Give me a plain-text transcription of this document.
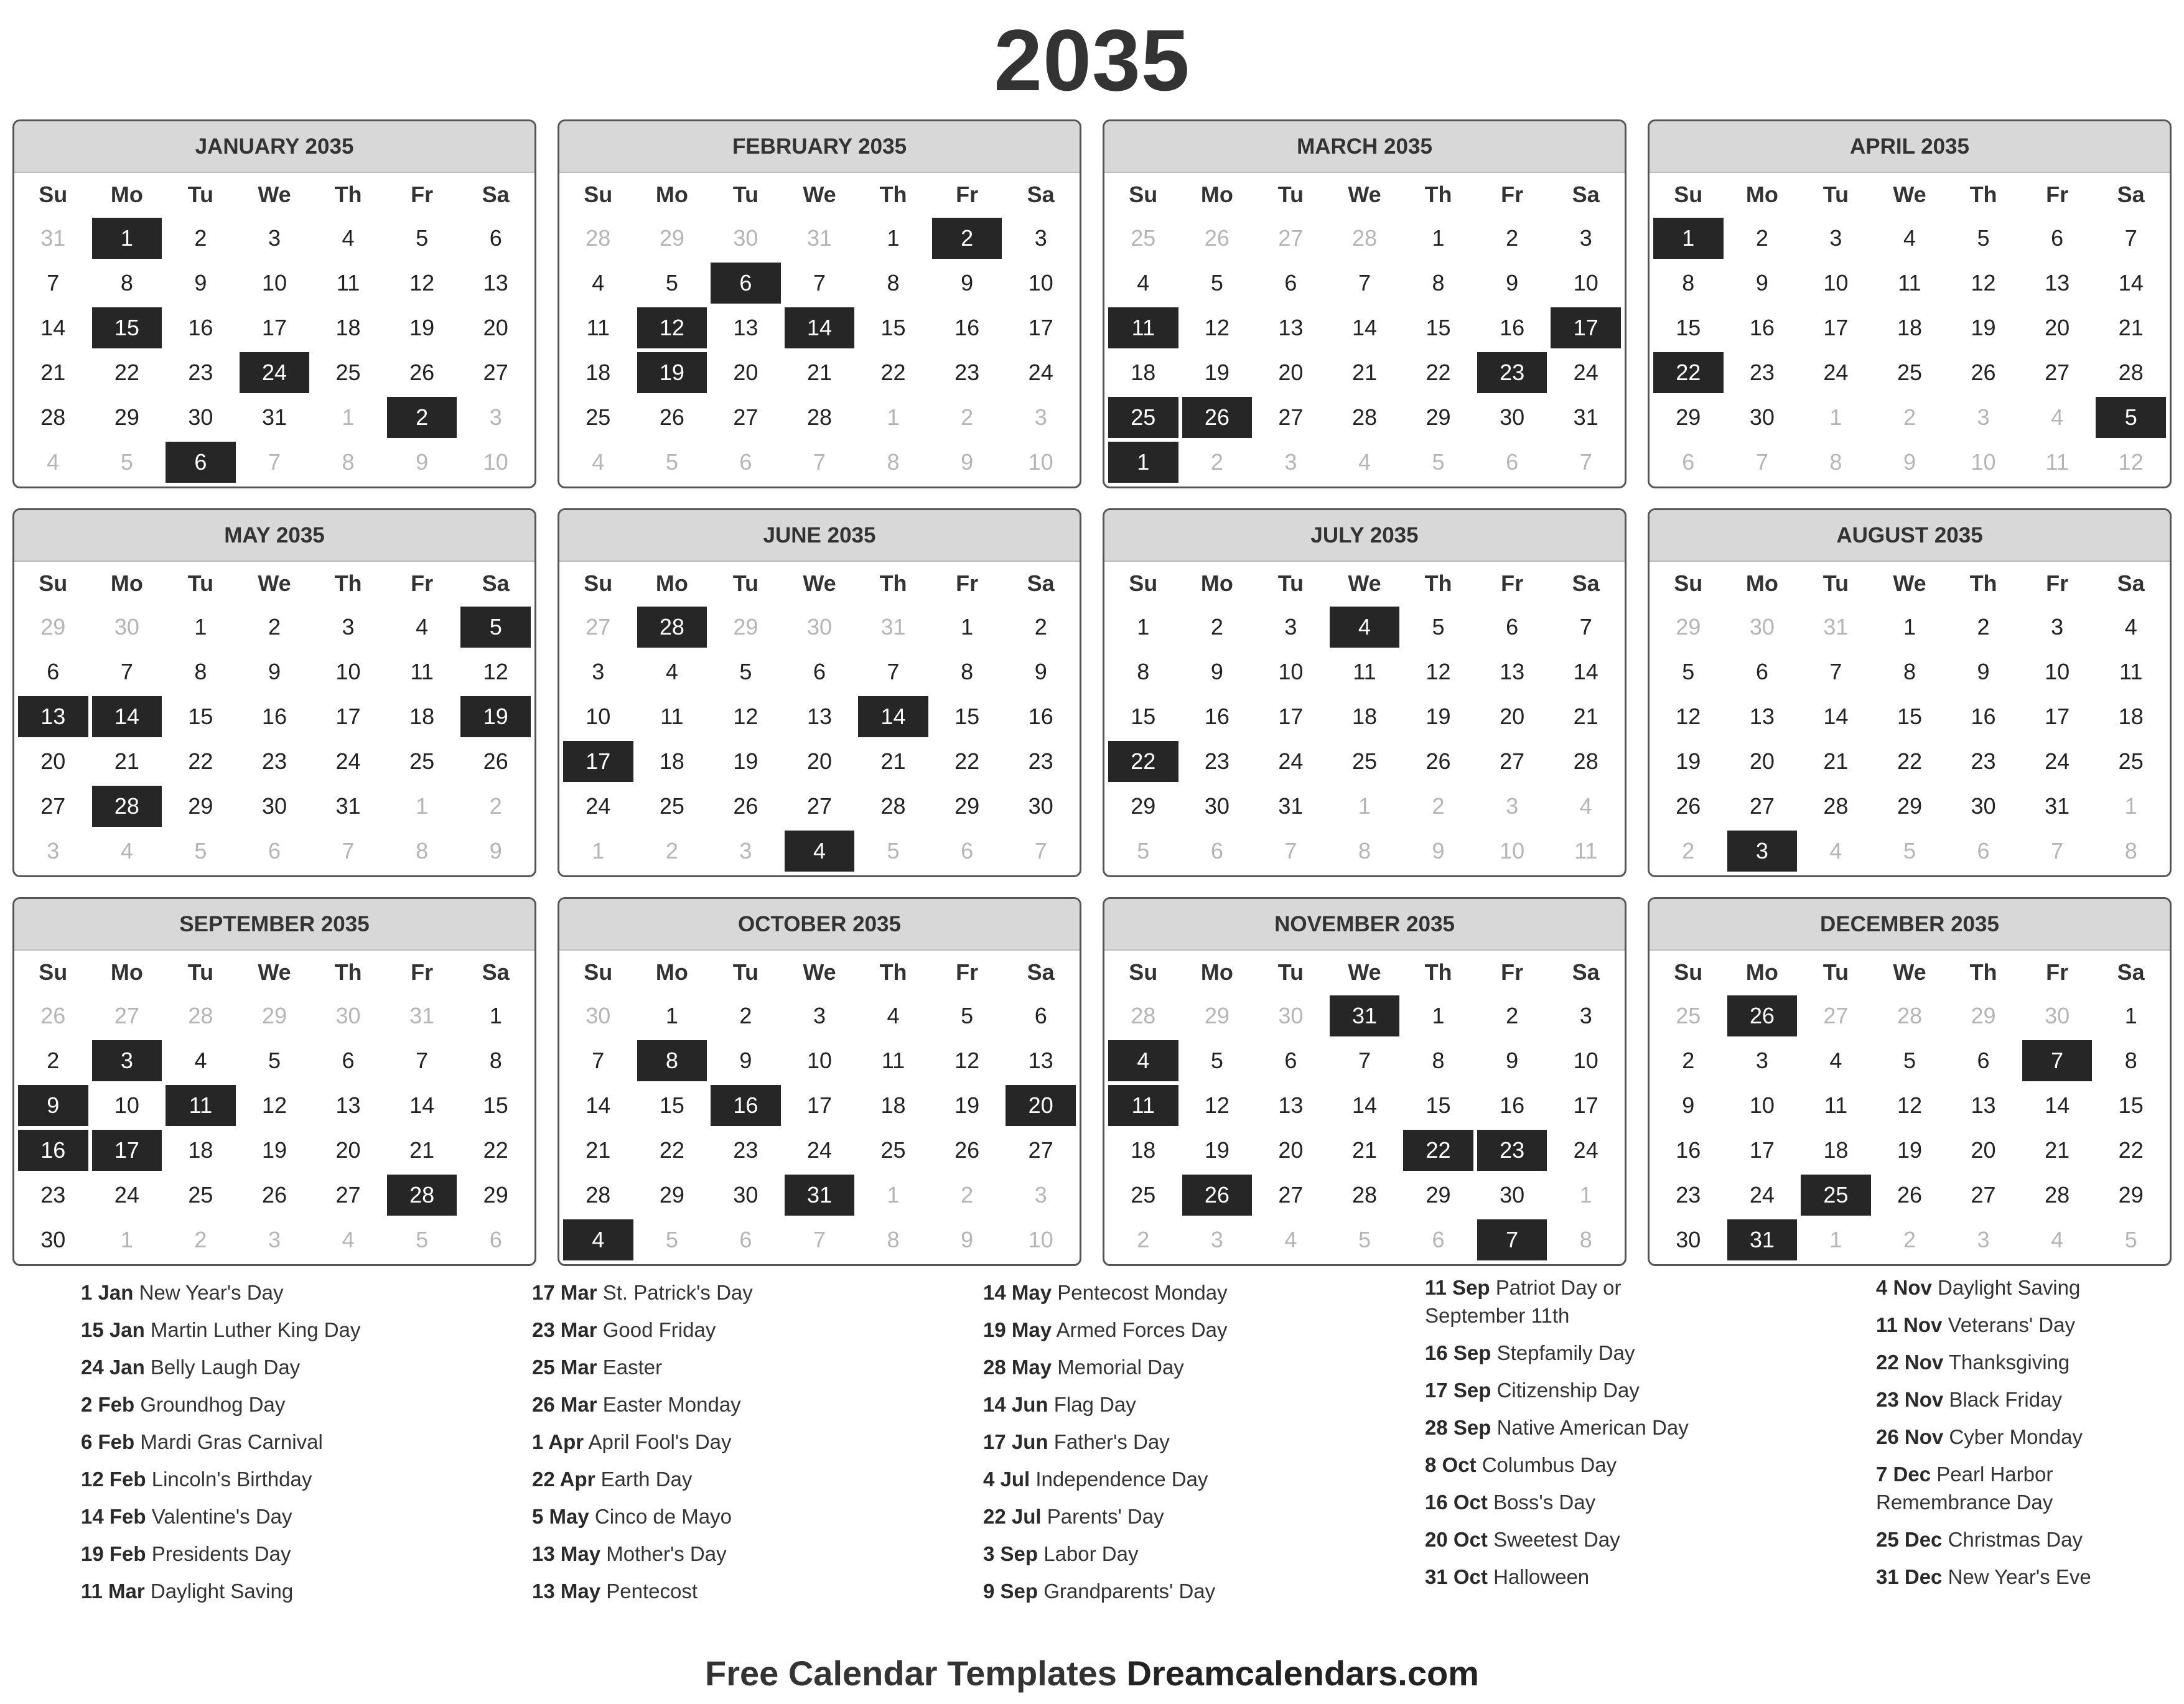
2035
JANUARY 2035
Su	Mo	Tu	We	Th	Fr	Sa
31	1	2	3	4	5	6
7	8	9	10	11	12	13
14	15	16	17	18	19	20
21	22	23	24	25	26	27
28	29	30	31	1	2	3
4	5	6	7	8	9	10
FEBRUARY 2035
Su	Mo	Tu	We	Th	Fr	Sa
28	29	30	31	1	2	3
4	5	6	7	8	9	10
11	12	13	14	15	16	17
18	19	20	21	22	23	24
25	26	27	28	1	2	3
4	5	6	7	8	9	10
MARCH 2035
Su	Mo	Tu	We	Th	Fr	Sa
25	26	27	28	1	2	3
4	5	6	7	8	9	10
11	12	13	14	15	16	17
18	19	20	21	22	23	24
25	26	27	28	29	30	31
1	2	3	4	5	6	7
APRIL 2035
Su	Mo	Tu	We	Th	Fr	Sa
1	2	3	4	5	6	7
8	9	10	11	12	13	14
15	16	17	18	19	20	21
22	23	24	25	26	27	28
29	30	1	2	3	4	5
6	7	8	9	10	11	12
MAY 2035
Su	Mo	Tu	We	Th	Fr	Sa
29	30	1	2	3	4	5
6	7	8	9	10	11	12
13	14	15	16	17	18	19
20	21	22	23	24	25	26
27	28	29	30	31	1	2
3	4	5	6	7	8	9
JUNE 2035
Su	Mo	Tu	We	Th	Fr	Sa
27	28	29	30	31	1	2
3	4	5	6	7	8	9
10	11	12	13	14	15	16
17	18	19	20	21	22	23
24	25	26	27	28	29	30
1	2	3	4	5	6	7
JULY 2035
Su	Mo	Tu	We	Th	Fr	Sa
1	2	3	4	5	6	7
8	9	10	11	12	13	14
15	16	17	18	19	20	21
22	23	24	25	26	27	28
29	30	31	1	2	3	4
5	6	7	8	9	10	11
AUGUST 2035
Su	Mo	Tu	We	Th	Fr	Sa
29	30	31	1	2	3	4
5	6	7	8	9	10	11
12	13	14	15	16	17	18
19	20	21	22	23	24	25
26	27	28	29	30	31	1
2	3	4	5	6	7	8
SEPTEMBER 2035
Su	Mo	Tu	We	Th	Fr	Sa
26	27	28	29	30	31	1
2	3	4	5	6	7	8
9	10	11	12	13	14	15
16	17	18	19	20	21	22
23	24	25	26	27	28	29
30	1	2	3	4	5	6
OCTOBER 2035
Su	Mo	Tu	We	Th	Fr	Sa
30	1	2	3	4	5	6
7	8	9	10	11	12	13
14	15	16	17	18	19	20
21	22	23	24	25	26	27
28	29	30	31	1	2	3
4	5	6	7	8	9	10
NOVEMBER 2035
Su	Mo	Tu	We	Th	Fr	Sa
28	29	30	31	1	2	3
4	5	6	7	8	9	10
11	12	13	14	15	16	17
18	19	20	21	22	23	24
25	26	27	28	29	30	1
2	3	4	5	6	7	8
DECEMBER 2035
Su	Mo	Tu	We	Th	Fr	Sa
25	26	27	28	29	30	1
2	3	4	5	6	7	8
9	10	11	12	13	14	15
16	17	18	19	20	21	22
23	24	25	26	27	28	29
30	31	1	2	3	4	5
1 Jan New Year's Day
15 Jan Martin Luther King Day
24 Jan Belly Laugh Day
2 Feb Groundhog Day
6 Feb Mardi Gras Carnival
12 Feb Lincoln's Birthday
14 Feb Valentine's Day
19 Feb Presidents Day
11 Mar Daylight Saving
17 Mar St. Patrick's Day
23 Mar Good Friday
25 Mar Easter
26 Mar Easter Monday
1 Apr April Fool's Day
22 Apr Earth Day
5 May Cinco de Mayo
13 May Mother's Day
13 May Pentecost
14 May Pentecost Monday
19 May Armed Forces Day
28 May Memorial Day
14 Jun Flag Day
17 Jun Father's Day
4 Jul Independence Day
22 Jul Parents' Day
3 Sep Labor Day
9 Sep Grandparents' Day
11 Sep Patriot Day or September 11th
16 Sep Stepfamily Day
17 Sep Citizenship Day
28 Sep Native American Day
8 Oct Columbus Day
16 Oct Boss's Day
20 Oct Sweetest Day
31 Oct Halloween
4 Nov Daylight Saving
11 Nov Veterans' Day
22 Nov Thanksgiving
23 Nov Black Friday
26 Nov Cyber Monday
7 Dec Pearl Harbor Remembrance Day
25 Dec Christmas Day
31 Dec New Year's Eve
Free Calendar Templates Dreamcalendars.com
